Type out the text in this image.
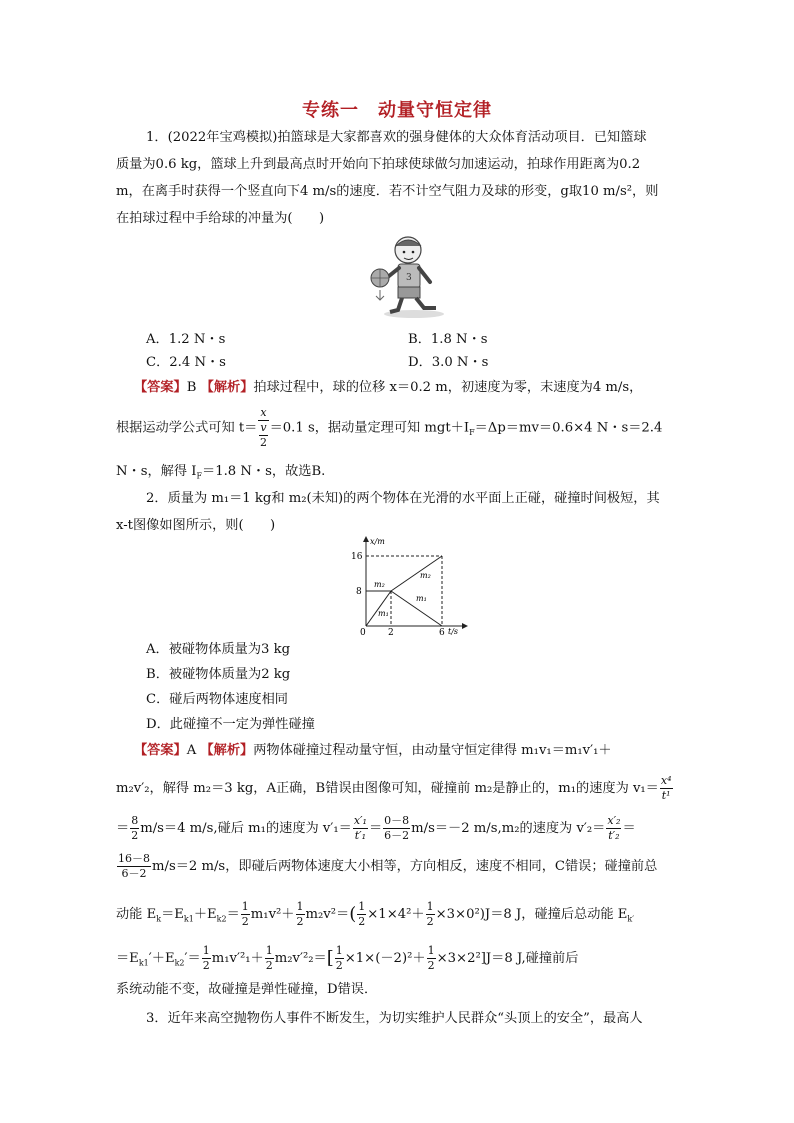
专练一　动量守恒定律
1．(2022年宝鸡模拟)拍篮球是大家都喜欢的强身健体的大众体育活动项目．已知篮球
质量为0.6 kg，篮球上升到最高点时开始向下拍球使球做匀加速运动，拍球作用距离为0.2
m，在离手时获得一个竖直向下4 m/s的速度．若不计空气阻力及球的形变，g取10 m/s²，则
在拍球过程中手给球的冲量为(　　)
3
A．1.2 N・s	B．1.8 N・s
C．2.4 N・s	D．3.0 N・s
【答案】B 【解析】拍球过程中，球的位移 x＝0.2 m，初速度为零，末速度为4 m/s，
根据运动学公式可知 $t= \frac{x}{\frac{v}{2}} =0.1$ s，据动量定理可知 $mgt+I_F=\Delta p=mv=0.6\times 4$ N・s＝2.4
N・s，解得 $I_F=1.8$ N・s，故选B.
2．质量为 m₁＝1 kg和 m₂(未知)的两个物体在光滑的水平面上正碰，碰撞时间极短，其
x-t图像如图所示，则(　　)
x/m
t/s
16
8
0 2	6
m₂
m₂
m₁
m₁
A．被碰物体质量为3 kg
B．被碰物体质量为2 kg
C．碰后两物体速度相同
D．此碰撞不一定为弹性碰撞
【答案】A 【解析】两物体碰撞过程动量守恒，由动量守恒定律得 m₁v₁＝m₁v′₁＋
m₂v′₂，解得 m₂＝3 kg，A正确，B错误由图像可知，碰撞前 m₂是静止的，m₁的速度为 $v_1= \frac{\text{x⁴}}{\text{t¹}}$
＝ $\frac{8}{2} m/s=4$ m/s,碰后 m₁的速度为 $v'_1= \frac{\text{x′₁}}{\text{t′₁}} = \frac{0-8}{6-2} m/s=-2$ m/s,m₂的速度为 $v'_2= \frac{\text{x′₂}}{\text{t′₂}}$ ＝
$\frac{16-8}{6-2} m/s=2$ m/s，即碰后两物体速度大小相等，方向相反，速度不相同，C错误；碰撞前总
动能 $E_k=E_{k1}+E_{k2}= \frac{1}{2} m_1v^2+ \frac{1}{2} m_2v^2=( \frac{1}{2} \times 1\times 4^2+ \frac{1}{2} \times 3\times 0^2)J=8$ J，碰撞后总动能 $E_{k'}$
$=E_{k1}'+E_{k2}'= \frac{1}{2} m_1v'^2_1+ \frac{1}{2} m_2v'^2_2=[ \frac{1}{2} \times 1\times(-2)^2+ \frac{1}{2} \times 3\times 2^2]J=8$ J,碰撞前后
系统动能不变，故碰撞是弹性碰撞，D错误．
3．近年来高空抛物伤人事件不断发生，为切实维护人民群众“头顶上的安全”，最高人
